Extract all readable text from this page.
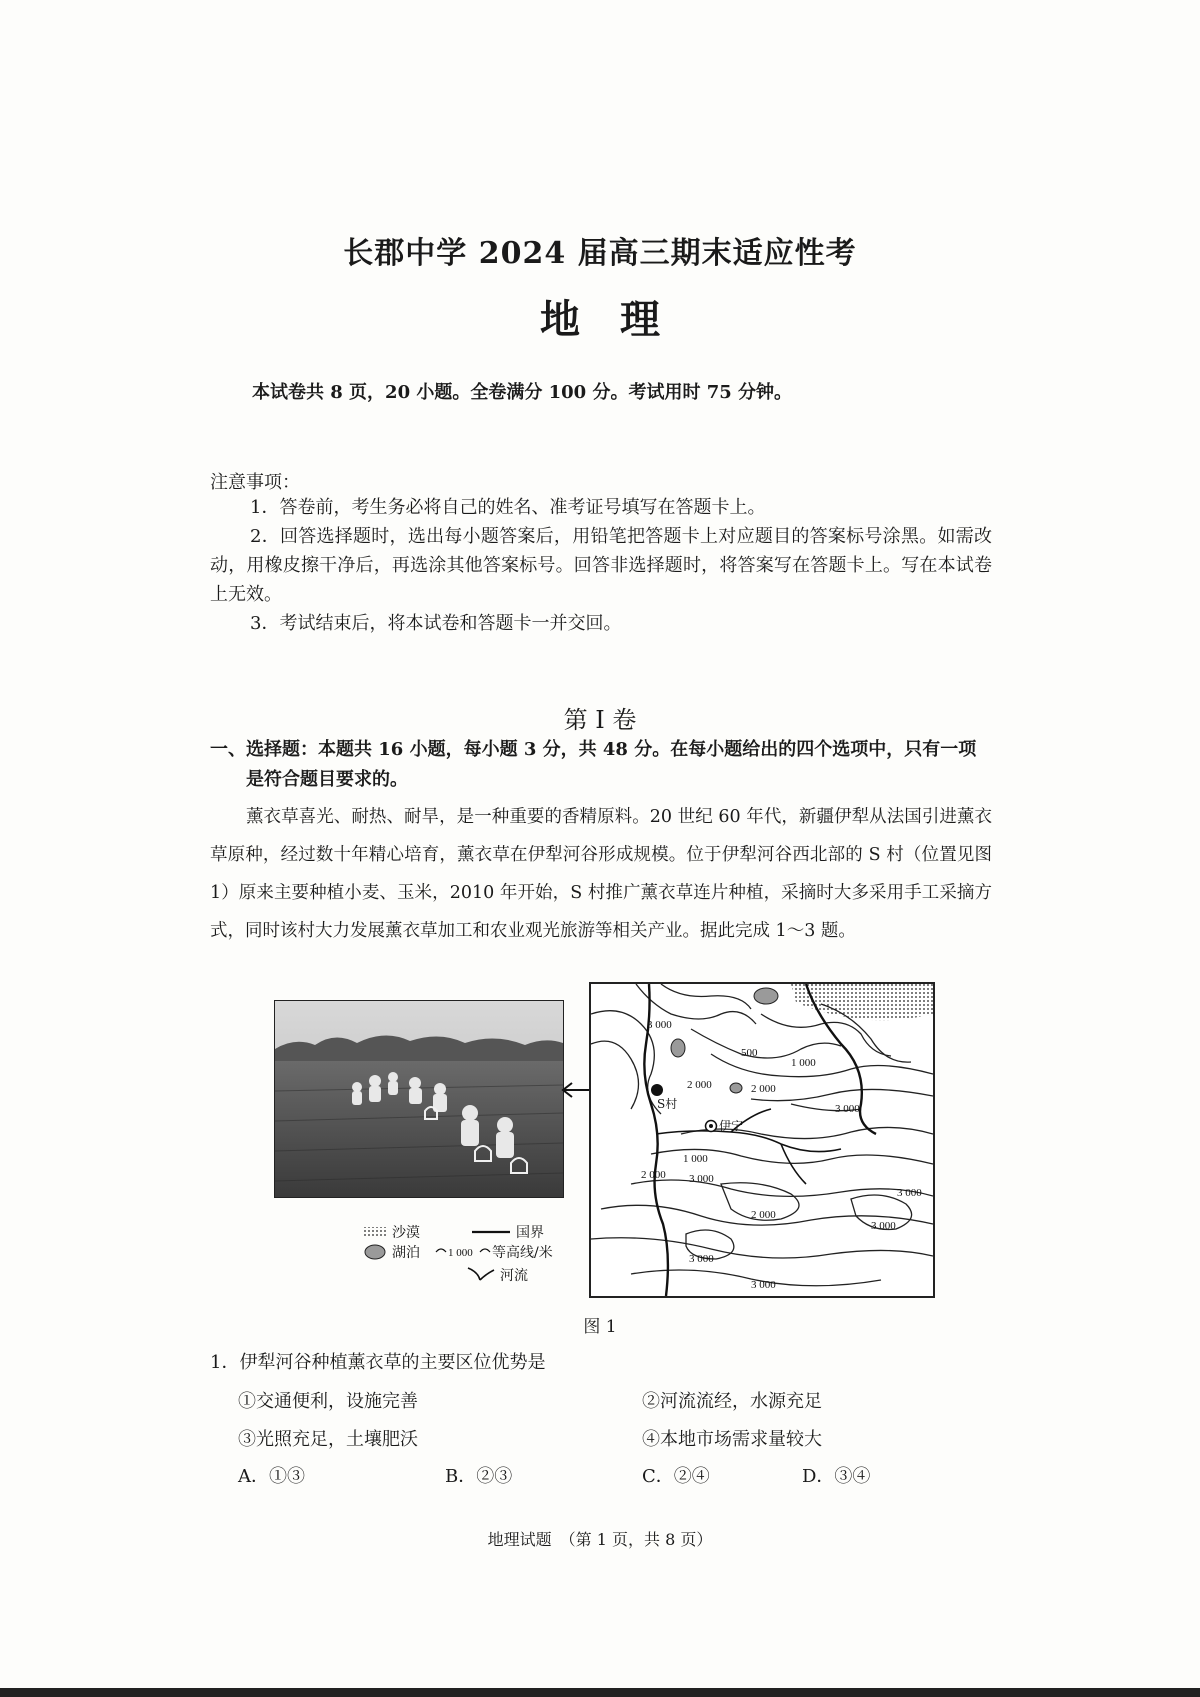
长郡中学 2024 届高三期末适应性考
地理
本试卷共 8 页，20 小题。全卷满分 100 分。考试用时 75 分钟。
注意事项：
1．答卷前，考生务必将自己的姓名、准考证号填写在答题卡上。
2．回答选择题时，选出每小题答案后，用铅笔把答题卡上对应题目的答案标号涂黑。如需改动，用橡皮擦干净后，再选涂其他答案标号。回答非选择题时，将答案写在答题卡上。写在本试卷上无效。
3．考试结束后，将本试卷和答题卡一并交回。
第 Ⅰ 卷
一、选择题：本题共 16 小题，每小题 3 分，共 48 分。在每小题给出的四个选项中，只有一项是符合题目要求的。
薰衣草喜光、耐热、耐旱，是一种重要的香精原料。20 世纪 60 年代，新疆伊犁从法国引进薰衣草原种，经过数十年精心培育，薰衣草在伊犁河谷形成规模。位于伊犁河谷西北部的 S 村（位置见图 1）原来主要种植小麦、玉米，2010 年开始，S 村推广薰衣草连片种植，采摘时大多采用手工采摘方式，同时该村大力发展薰衣草加工和农业观光旅游等相关产业。据此完成 1～3 题。
3 000
500
2 000	2 000
1 000
3 000
1 000
2 000 3 000
3 000
3 000
2 000
3 000
3 000
S村
伊宁
沙漠	国界
湖泊	1 000 等高线/米
河流
图 1
1．伊犁河谷种植薰衣草的主要区位优势是
①交通便利，设施完善	②河流流经，水源充足
③光照充足，土壤肥沃	④本地市场需求量较大
A．①③	B．②③	C．②④	D．③④
地理试题　（第 1 页，共 8 页）
